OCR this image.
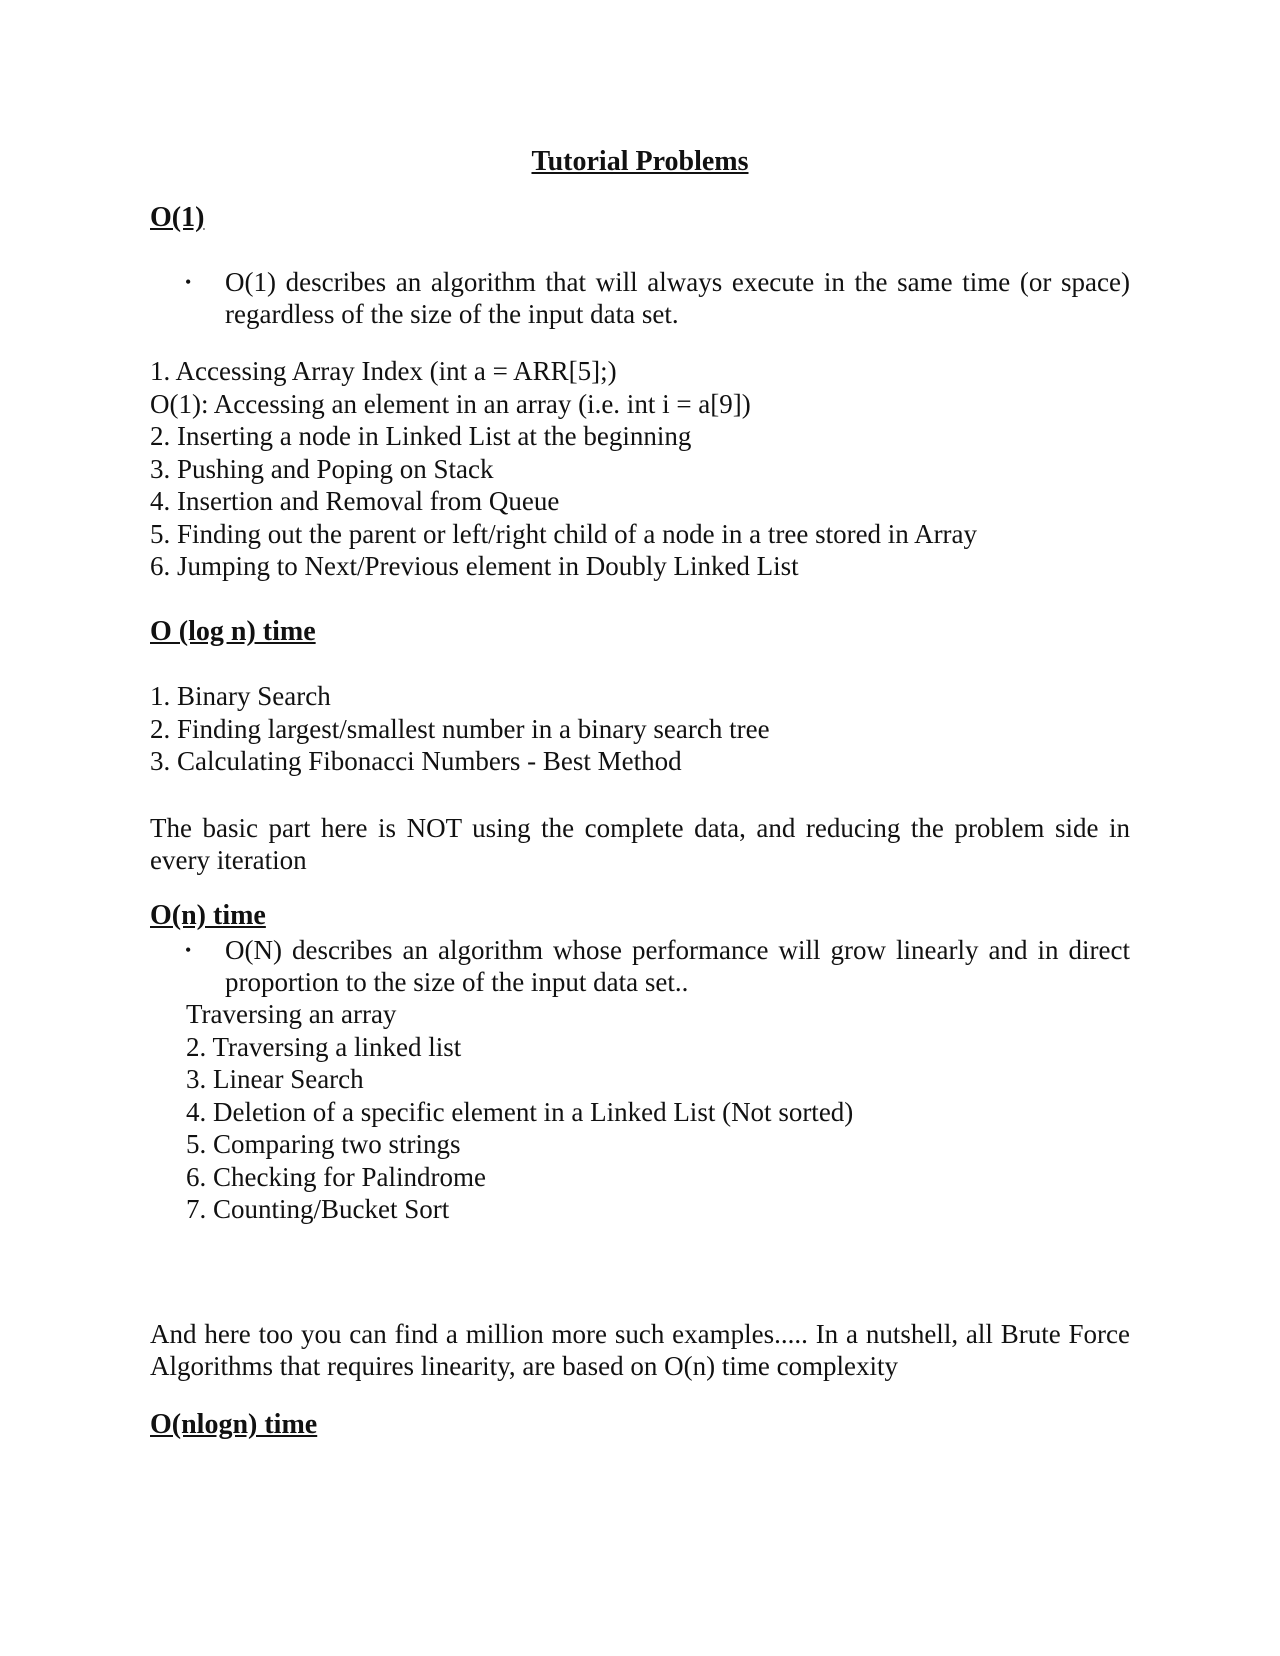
Tutorial Problems
O(1)
• O(1) describes an algorithm that will always execute in the same time (or space) regardless of the size of the input data set.
1. Accessing Array Index (int a = ARR[5];)
O(1): Accessing an element in an array (i.e. int i = a[9])
2. Inserting a node in Linked List at the beginning
3. Pushing and Poping on Stack
4. Insertion and Removal from Queue
5. Finding out the parent or left/right child of a node in a tree stored in Array
6. Jumping to Next/Previous element in Doubly Linked List
O (log n) time
1. Binary Search
2. Finding largest/smallest number in a binary search tree
3. Calculating Fibonacci Numbers - Best Method

The basic part here is NOT using the complete data, and reducing the problem side in every iteration

O(n) time
• O(N) describes an algorithm whose performance will grow linearly and in direct proportion to the size of the input data set..
Traversing an array
2. Traversing a linked list
3. Linear Search
4. Deletion of a specific element in a Linked List (Not sorted)
5. Comparing two strings
6. Checking for Palindrome
7. Counting/Bucket Sort

And here too you can find a million more such examples..... In a nutshell, all Brute Force Algorithms that requires linearity, are based on O(n) time complexity

O(nlogn) time
